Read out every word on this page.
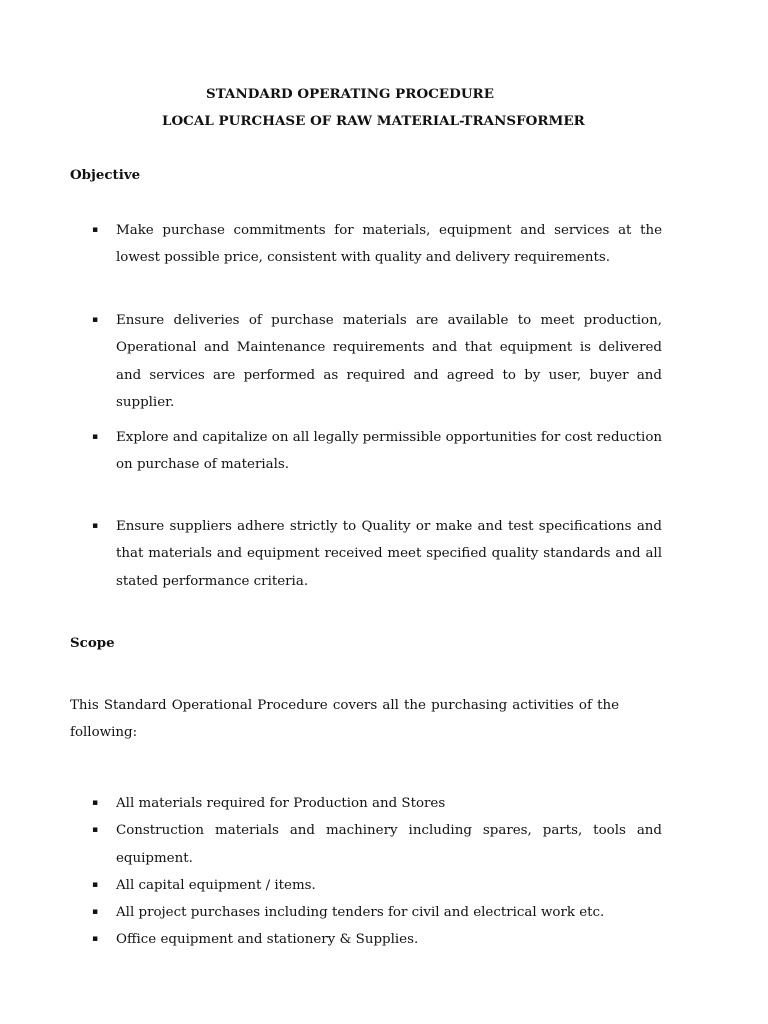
STANDARD OPERATING PROCEDURE
LOCAL PURCHASE OF RAW MATERIAL-TRANSFORMER
Objective
▪ Make purchase commitments for materials, equipment and services at the lowest possible price, consistent with quality and delivery requirements.
▪ Ensure deliveries of purchase materials are available to meet production, Operational and Maintenance requirements and that equipment is delivered and services are performed as required and agreed to by user, buyer and supplier.
▪ Explore and capitalize on all legally permissible opportunities for cost reduction on purchase of materials.
▪ Ensure suppliers adhere strictly to Quality or make and test specifications and that materials and equipment received meet specified quality standards and all stated performance criteria.
Scope
This Standard Operational Procedure covers all the purchasing activities of the following:
▪ All materials required for Production and Stores
▪ Construction materials and machinery including spares, parts, tools and equipment.
▪ All capital equipment / items.
▪ All project purchases including tenders for civil and electrical work etc.
▪ Office equipment and stationery & Supplies.
